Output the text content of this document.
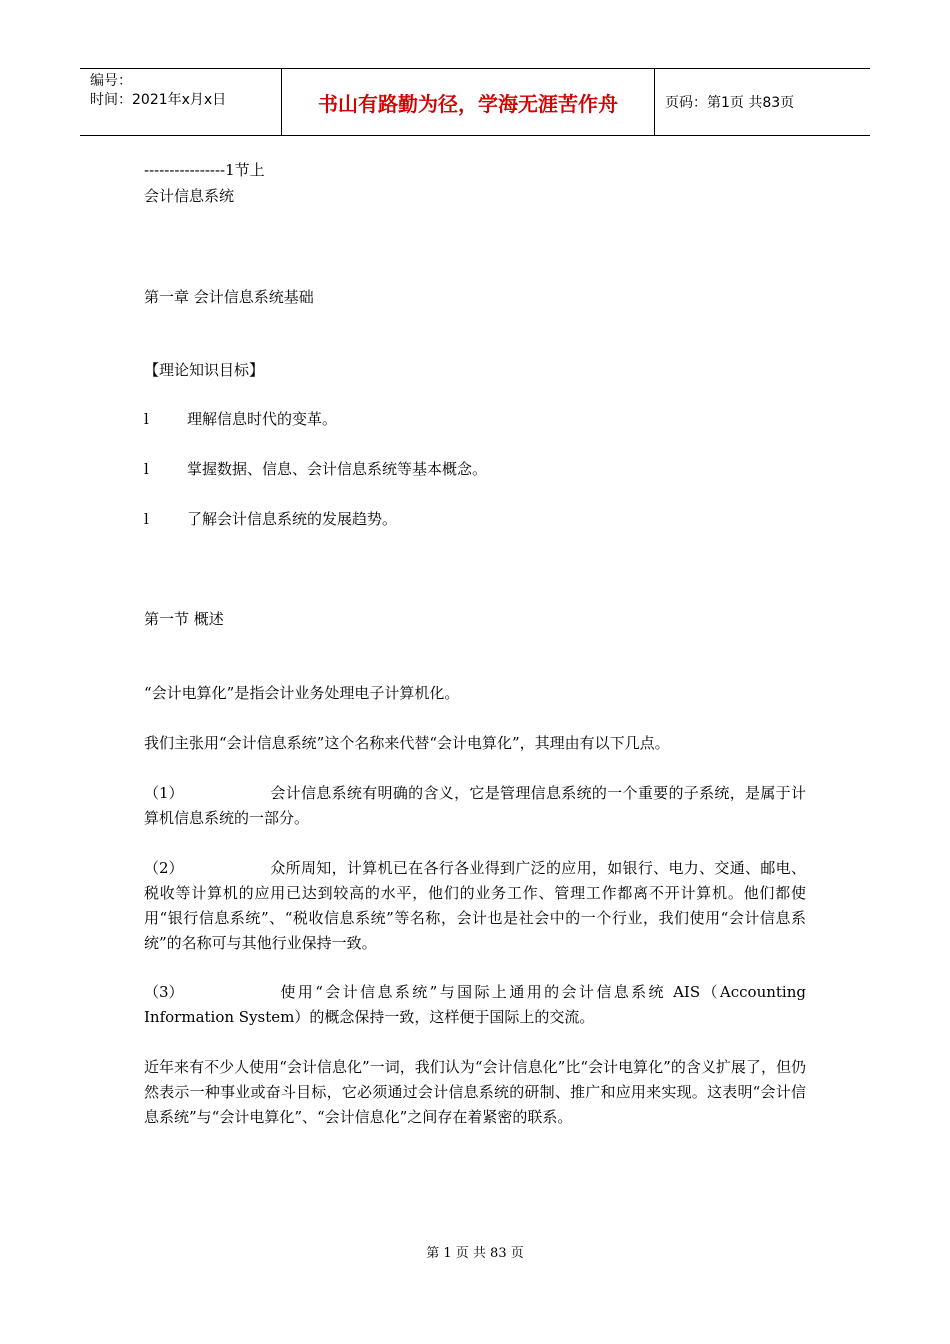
编号：
时间：2021年x月x日	书山有路勤为径，学海无涯苦作舟	页码：第1页 共83页
----------------1节上
会计信息系统
第一章 会计信息系统基础
【理论知识目标】
l	理解信息时代的变革。
l	掌握数据、信息、会计信息系统等基本概念。
l	了解会计信息系统的发展趋势。
第一节 概述
“会计电算化”是指会计业务处理电子计算机化。
我们主张用“会计信息系统”这个名称来代替“会计电算化”，其理由有以下几点。
（1）	会计信息系统有明确的含义，它是管理信息系统的一个重要的子系统，是属于计算机信息系统的一部分。
（2）	众所周知，计算机已在各行各业得到广泛的应用，如银行、电力、交通、邮电、税收等计算机的应用已达到较高的水平，他们的业务工作、管理工作都离不开计算机。他们都使用“银行信息系统”、“税收信息系统”等名称，会计也是社会中的一个行业，我们使用“会计信息系统”的名称可与其他行业保持一致。
（3）	使用“会计信息系统”与国际上通用的会计信息系统 AIS（Accounting Information System）的概念保持一致，这样便于国际上的交流。
近年来有不少人使用“会计信息化”一词，我们认为“会计信息化”比“会计电算化”的含义扩展了，但仍然表示一种事业或奋斗目标，它必须通过会计信息系统的研制、推广和应用来实现。这表明“会计信息系统”与“会计电算化”、“会计信息化”之间存在着紧密的联系。
第 1 页 共 83 页
